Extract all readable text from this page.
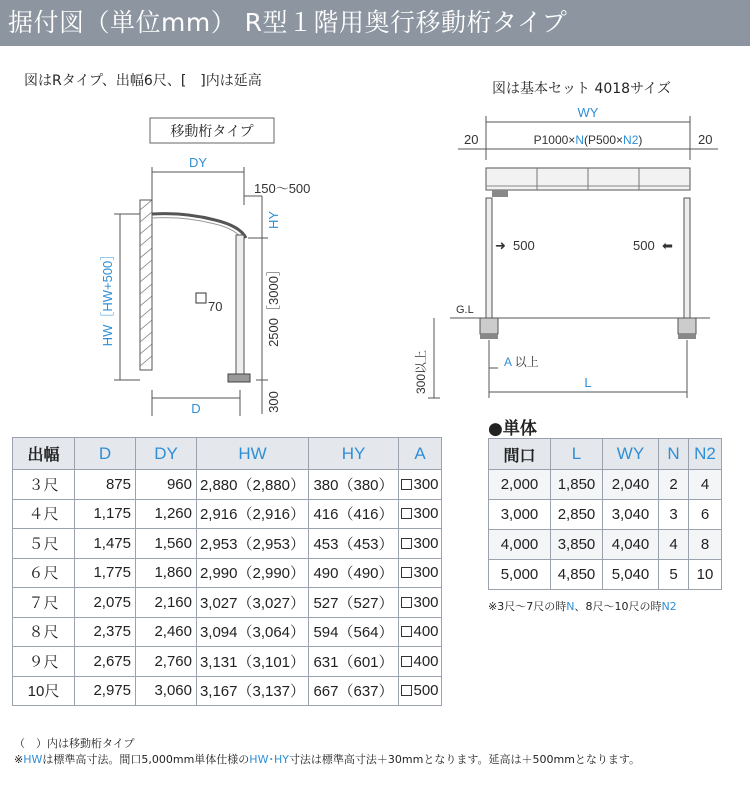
据付図（単位mm） R型１階用奥行移動桁タイプ
図はRタイプ、出幅6尺、[　]内は延高	図は基本セット 4018サイズ
移動桁タイプ
DY
150〜500
HY
HW［HW+500］	70	2500［3000］
300
D
WY
20	20
P1000×N(P500×N2)
➜ 500	500 ⬅
G.L
300以上	A 以上
L
出幅	D	DY	HW	HY	A
３尺	875	960	2,880（2,880）	380（380）	300
４尺	1,175	1,260	2,916（2,916）	416（416）	300
５尺	1,475	1,560	2,953（2,953）	453（453）	300
６尺	1,775	1,860	2,990（2,990）	490（490）	300
７尺	2,075	2,160	3,027（3,027）	527（527）	300
８尺	2,375	2,460	3,094（3,064）	594（564）	400
９尺	2,675	2,760	3,131（3,101）	631（601）	400
10尺	2,975	3,060	3,167（3,137）	667（637）	500
●単体
間口	L	WY	N	N2
2,000	1,850	2,040	2	4
3,000	2,850	3,040	3	6
4,000	3,850	4,040	4	8
5,000	4,850	5,040	5	10
※3尺〜7尺の時N、8尺〜10尺の時N2
（　）内は移動桁タイプ
※HWは標準高寸法。間口5,000mm単体仕様のHW･HY寸法は標準高寸法＋30mmとなります。延高は＋500mmとなります。
